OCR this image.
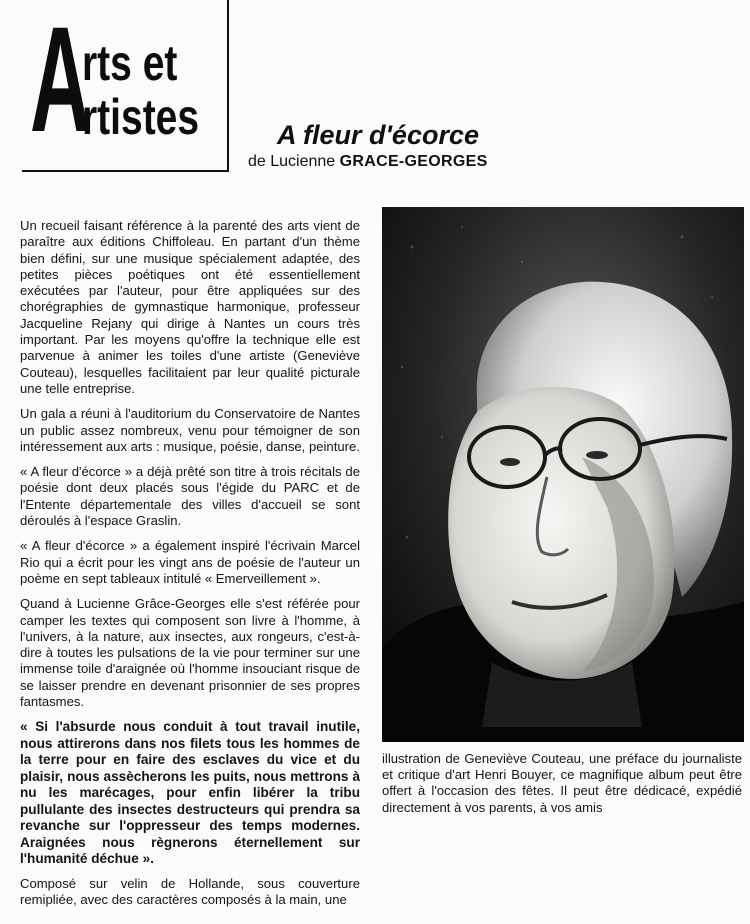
A
rts et
rtistes	A fleur d'écorce
de Lucienne GRACE-GEORGES

Un recueil faisant référence à la parenté des arts vient de paraître aux éditions Chiffoleau. En partant d'un thème bien défini, sur une musique spécialement adaptée, des petites pièces poétiques ont été essentiellement exécutées par l'auteur, pour être appliquées sur des chorégraphies de gymnastique harmonique, professeur Jacqueline Rejany qui dirige à Nantes un cours très important. Par les moyens qu'offre la technique elle est parvenue à animer les toiles d'une artiste (Geneviève Couteau), lesquelles facilitaient par leur qualité picturale une telle entreprise.

Un gala a réuni à l'auditorium du Conservatoire de Nantes un public assez nombreux, venu pour témoigner de son intéressement aux arts : musique, poésie, danse, peinture.

« A fleur d'écorce » a déjà prêté son titre à trois récitals de poésie dont deux placés sous l'égide du PARC et de l'Entente départementale des villes d'accueil se sont déroulés à l'espace Graslin.

« A fleur d'écorce » a également inspiré l'écrivain Marcel Rio qui a écrit pour les vingt ans de poésie de l'auteur un poème en sept tableaux intitulé « Emerveillement ».

Quand à Lucienne Grâce-Georges elle s'est référée pour camper les textes qui composent son livre à l'homme, à l'univers, à la nature, aux insectes, aux rongeurs, c'est-à-dire à toutes les pulsations de la vie pour terminer sur une immense toile d'araignée où l'homme insouciant risque de se laisser prendre en devenant prisonnier de ses propres fantasmes.

« Si l'absurde nous conduit à tout travail inutile, nous attirerons dans nos filets tous les hommes de la terre pour en faire des esclaves du vice et du plaisir, nous assècherons les puits, nous mettrons à nu les marécages, pour enfin libérer la tribu pullulante des insectes destructeurs qui prendra sa revanche sur l'oppresseur des temps modernes. Araignées nous règnerons éternellement sur l'humanité déchue ».

Composé sur velin de Hollande, sous couverture remipliée, avec des caractères composés à la main, une

illustration de Geneviève Couteau, une préface du journaliste et critique d'art Henri Bouyer, ce magnifique album peut être offert à l'occasion des fêtes. Il peut être dédicacé, expédié directement à vos parents, à vos amis
